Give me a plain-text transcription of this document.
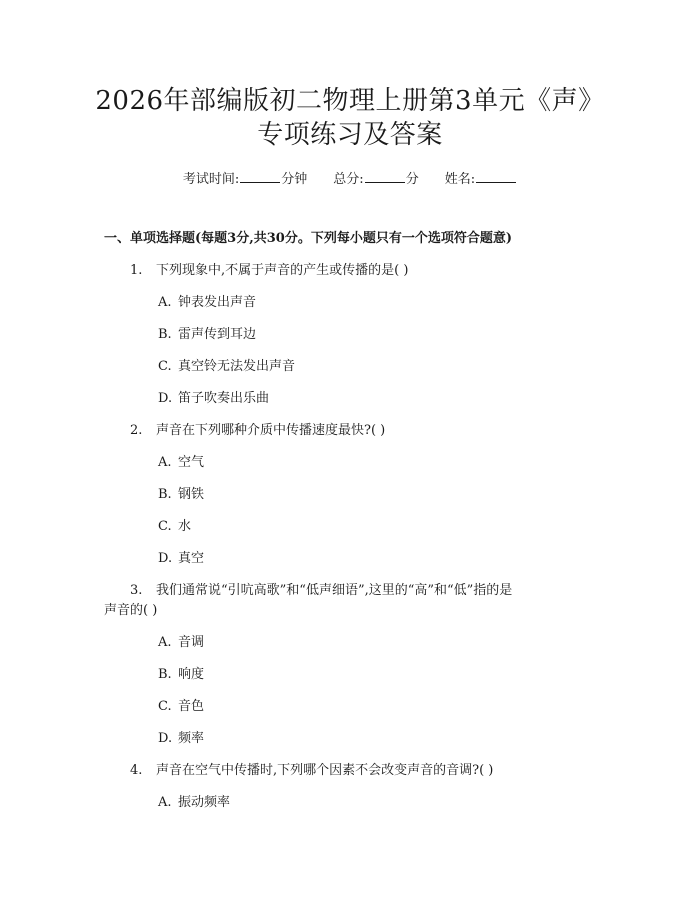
2026年部编版初二物理上册第3单元《声》
专项练习及答案
考试时间:	分钟 总分:	分 姓名:
一、单项选择题(每题3分,共30分。下列每小题只有一个选项符合题意)
1. 下列现象中,不属于声音的产生或传播的是( )
A. 钟表发出声音
B. 雷声传到耳边
C. 真空铃无法发出声音
D. 笛子吹奏出乐曲
2. 声音在下列哪种介质中传播速度最快?( )
A. 空气
B. 钢铁
C. 水
D. 真空
3. 我们通常说“引吭高歌”和“低声细语”,这里的“高”和“低”指的是
声音的( )
A. 音调
B. 响度
C. 音色
D. 频率
4. 声音在空气中传播时,下列哪个因素不会改变声音的音调?( )
A. 振动频率
